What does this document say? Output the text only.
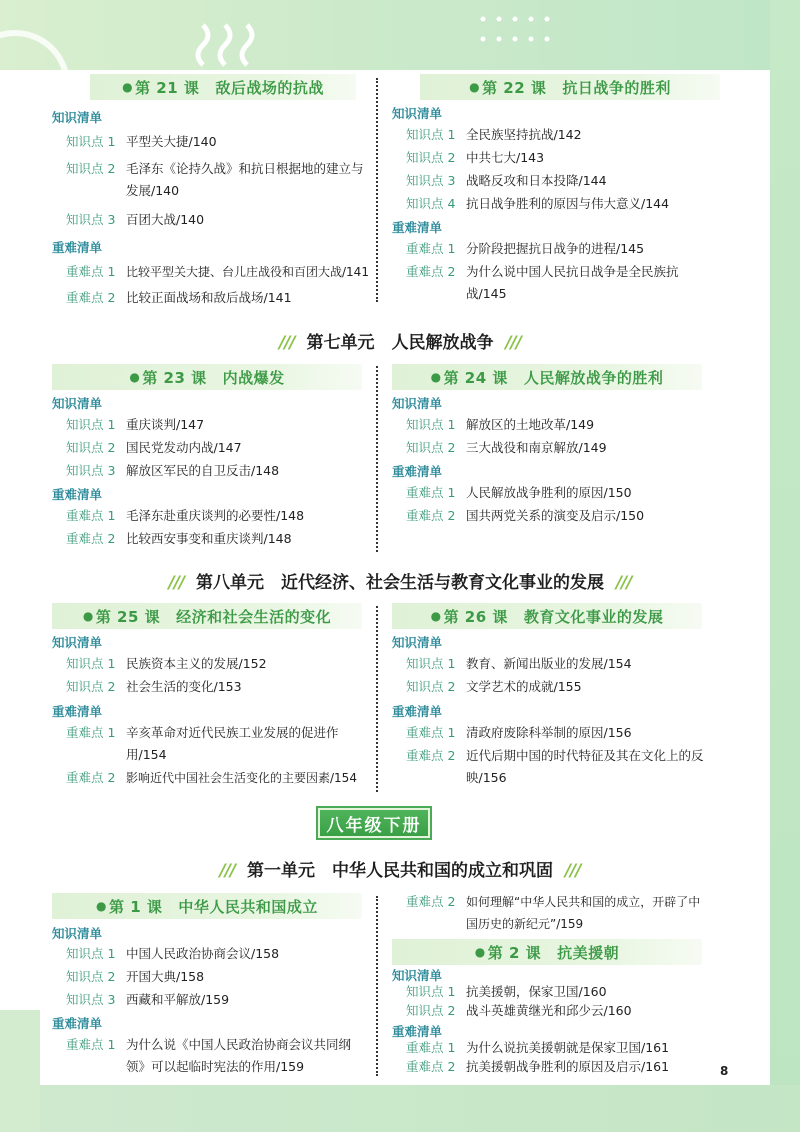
● 第 21 课 敌后战场的抗战
知识清单
知识点 1 平型关大捷/140
知识点 2 毛泽东《论持久战》和抗日根据地的建立与发展/140
知识点 3 百团大战/140
重难清单
重难点 1 比较平型关大捷、台儿庄战役和百团大战/141
重难点 2 比较正面战场和敌后战场/141
● 第 22 课 抗日战争的胜利
知识清单
知识点 1 全民族坚持抗战/142
知识点 2 中共七大/143
知识点 3 战略反攻和日本投降/144
知识点 4 抗日战争胜利的原因与伟大意义/144
重难清单
重难点 1 分阶段把握抗日战争的进程/145
重难点 2 为什么说中国人民抗日战争是全民族抗战/145
/// 第七单元　人民解放战争 ///
● 第 23 课 内战爆发
知识清单
知识点 1 重庆谈判/147
知识点 2 国民党发动内战/147
知识点 3 解放区军民的自卫反击/148
重难清单
重难点 1 毛泽东赴重庆谈判的必要性/148
重难点 2 比较西安事变和重庆谈判/148
● 第 24 课 人民解放战争的胜利
知识清单
知识点 1 解放区的土地改革/149
知识点 2 三大战役和南京解放/149
重难清单
重难点 1 人民解放战争胜利的原因/150
重难点 2 国共两党关系的演变及启示/150
/// 第八单元　近代经济、社会生活与教育文化事业的发展 ///
● 第 25 课 经济和社会生活的变化
知识清单
知识点 1 民族资本主义的发展/152
知识点 2 社会生活的变化/153
重难清单
重难点 1 辛亥革命对近代民族工业发展的促进作用/154
重难点 2 影响近代中国社会生活变化的主要因素/154
● 第 26 课 教育文化事业的发展
知识清单
知识点 1 教育、新闻出版业的发展/154
知识点 2 文学艺术的成就/155
重难清单
重难点 1 清政府废除科举制的原因/156
重难点 2 近代后期中国的时代特征及其在文化上的反映/156
八年级下册
/// 第一单元　中华人民共和国的成立和巩固 ///
● 第 1 课 中华人民共和国成立
知识清单
知识点 1 中国人民政治协商会议/158
知识点 2 开国大典/158
知识点 3 西藏和平解放/159
重难清单
重难点 1 为什么说《中国人民政治协商会议共同纲领》可以起临时宪法的作用/159
重难点 2 如何理解“中华人民共和国的成立，开辟了中国历史的新纪元”/159
● 第 2 课 抗美援朝
知识清单
知识点 1 抗美援朝，保家卫国/160
知识点 2 战斗英雄黄继光和邱少云/160
重难清单
重难点 1 为什么说抗美援朝就是保家卫国/161
重难点 2 抗美援朝战争胜利的原因及启示/161	8
